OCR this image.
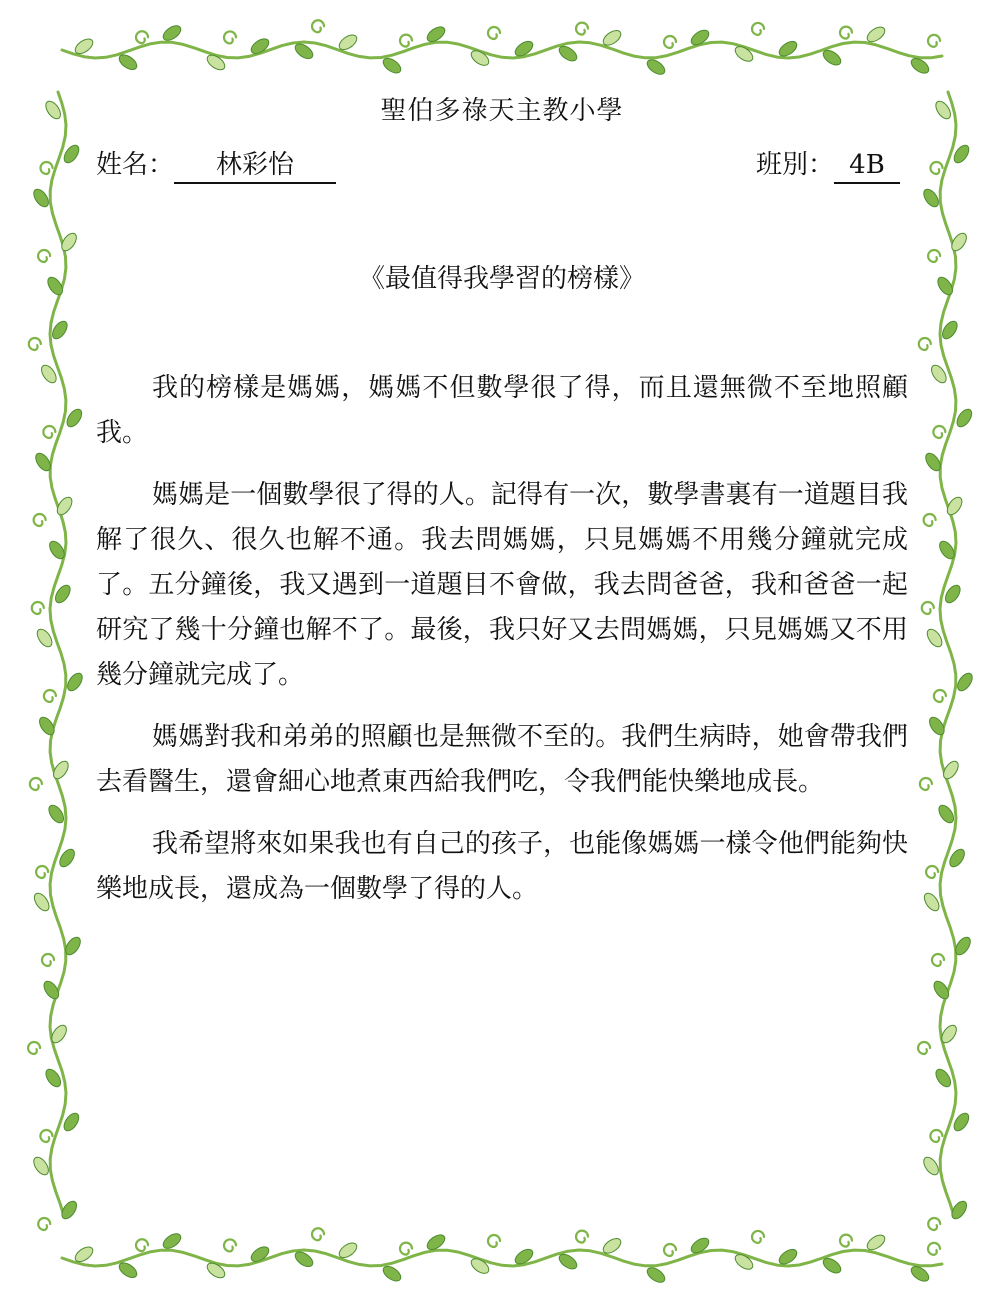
聖伯多祿天主教小學
姓名： 林彩怡	班別： 4B
《最值得我學習的榜樣》

我的榜樣是媽媽，媽媽不但數學很了得，而且還無微不至地照顧我。

媽媽是一個數學很了得的人。記得有一次，數學書裏有一道題目我解了很久、很久也解不通。我去問媽媽，只見媽媽不用幾分鐘就完成了。五分鐘後，我又遇到一道題目不會做，我去問爸爸，我和爸爸一起研究了幾十分鐘也解不了。最後，我只好又去問媽媽，只見媽媽又不用幾分鐘就完成了。

媽媽對我和弟弟的照顧也是無微不至的。我們生病時，她會帶我們去看醫生，還會細心地煮東西給我們吃，令我們能快樂地成長。

我希望將來如果我也有自己的孩子，也能像媽媽一樣令他們能夠快樂地成長，還成為一個數學了得的人。
